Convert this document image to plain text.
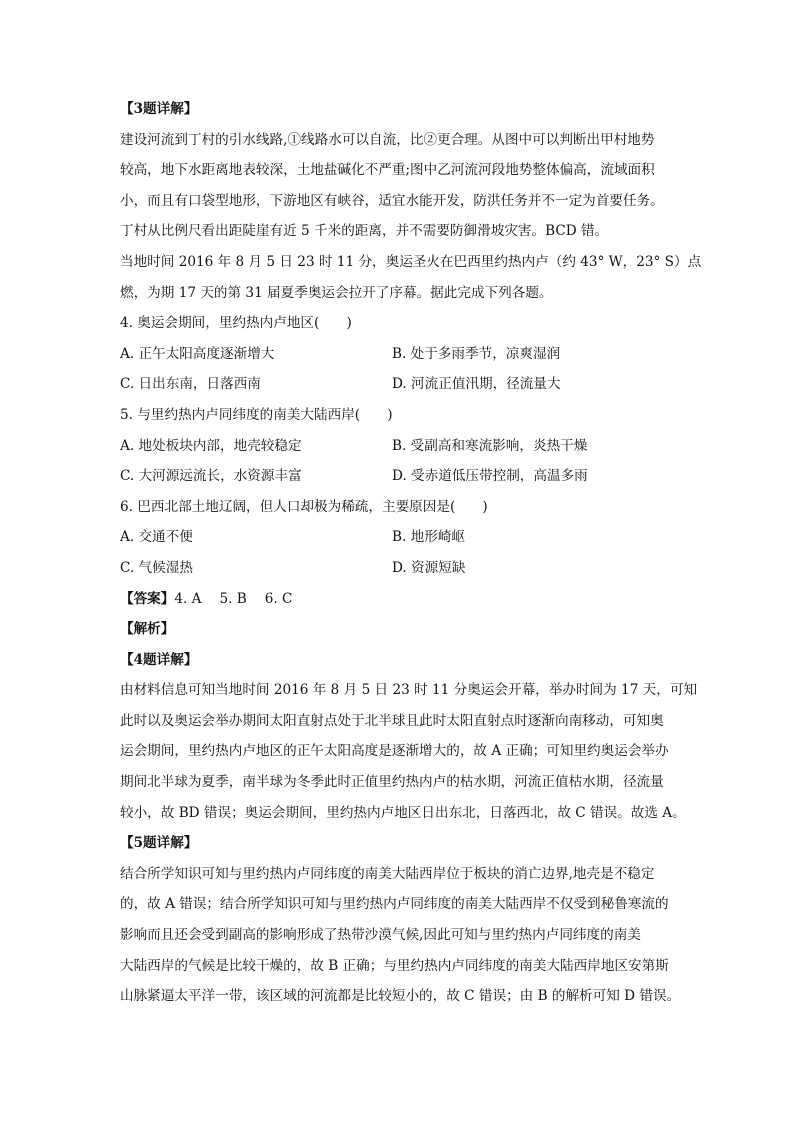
【3题详解】
建设河流到丁村的引水线路,①线路水可以自流，比②更合理。从图中可以判断出甲村地势
较高，地下水距离地表较深，土地盐碱化不严重;图中乙河流河段地势整体偏高，流域面积
小，而且有口袋型地形，下游地区有峡谷，适宜水能开发，防洪任务并不一定为首要任务。
丁村从比例尺看出距陡崖有近 5 千米的距离，并不需要防御滑坡灾害。BCD 错。
当地时间 2016 年 8 月 5 日 23 时 11 分，奥运圣火在巴西里约热内卢（约 43° W，23° S）点
燃，为期 17 天的第 31 届夏季奥运会拉开了序幕。据此完成下列各题。
4. 奥运会期间，里约热内卢地区(　　)
A. 正午太阳高度逐渐增大	B. 处于多雨季节，凉爽湿润
C. 日出东南，日落西南	D. 河流正值汛期，径流量大
5. 与里约热内卢同纬度的南美大陆西岸(　　)
A. 地处板块内部，地壳较稳定	B. 受副高和寒流影响，炎热干燥
C. 大河源远流长，水资源丰富	D. 受赤道低压带控制，高温多雨
6. 巴西北部土地辽阔，但人口却极为稀疏，主要原因是(　　)
A. 交通不便	B. 地形崎岖
C. 气候湿热	D. 资源短缺
【答案】4. A 5. B 6. C
【解析】
【4题详解】
由材料信息可知当地时间 2016 年 8 月 5 日 23 时 11 分奥运会开幕，举办时间为 17 天，可知
此时以及奥运会举办期间太阳直射点处于北半球且此时太阳直射点时逐渐向南移动，可知奥
运会期间，里约热内卢地区的正午太阳高度是逐渐增大的，故 A 正确；可知里约奥运会举办
期间北半球为夏季，南半球为冬季此时正值里约热内卢的枯水期，河流正值枯水期，径流量
较小，故 BD 错误；奥运会期间，里约热内卢地区日出东北，日落西北，故 C 错误。故选 A。
【5题详解】
结合所学知识可知与里约热内卢同纬度的南美大陆西岸位于板块的消亡边界,地壳是不稳定
的，故 A 错误；结合所学知识可知与里约热内卢同纬度的南美大陆西岸不仅受到秘鲁寒流的
影响而且还会受到副高的影响形成了热带沙漠气候,因此可知与里约热内卢同纬度的南美
大陆西岸的气候是比较干燥的，故 B 正确；与里约热内卢同纬度的南美大陆西岸地区安第斯
山脉紧逼太平洋一带，该区域的河流都是比较短小的，故 C 错误；由 B 的解析可知 D 错误。
